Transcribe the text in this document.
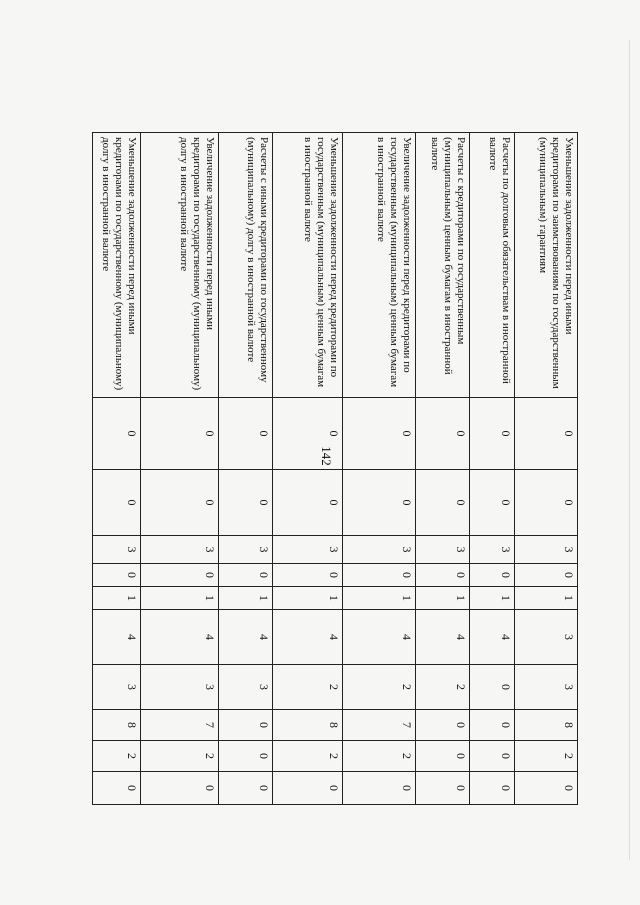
142
Уменьшение задолженности перед иными кредиторами по заимствованиям по государственным (муниципальным) гарантиям	0	0	3	0	1	3	3	8	2	0
Расчеты по долговым обязательствам в иностранной валюте	0	0	3	0	1	4	0	0	0	0
Расчеты с кредиторами по государственным (муниципальным) ценным бумагам в иностранной валюте	0	0	3	0	1	4	2	0	0	0
Увеличение задолженности перед кредиторами по государственным (муниципальным) ценным бумагам в иностранной валюте	0	0	3	0	1	4	2	7	2	0
Уменьшение задолженности перед кредиторами по государственным (муниципальным) ценным бумагам в иностранной валюте	0	0	3	0	1	4	2	8	2	0
Расчеты с иными кредиторами по государственному (муниципальному) долгу в иностранной валюте	0	0	3	0	1	4	3	0	0	0
Увеличение задолженности перед иными кредиторами по государственному (муниципальному) долгу в иностранной валюте	0	0	3	0	1	4	3	7	2	0
Уменьшение задолженности перед иными кредиторами по государственному (муниципальному) долгу в иностранной валюте	0	0	3	0	1	4	3	8	2	0
